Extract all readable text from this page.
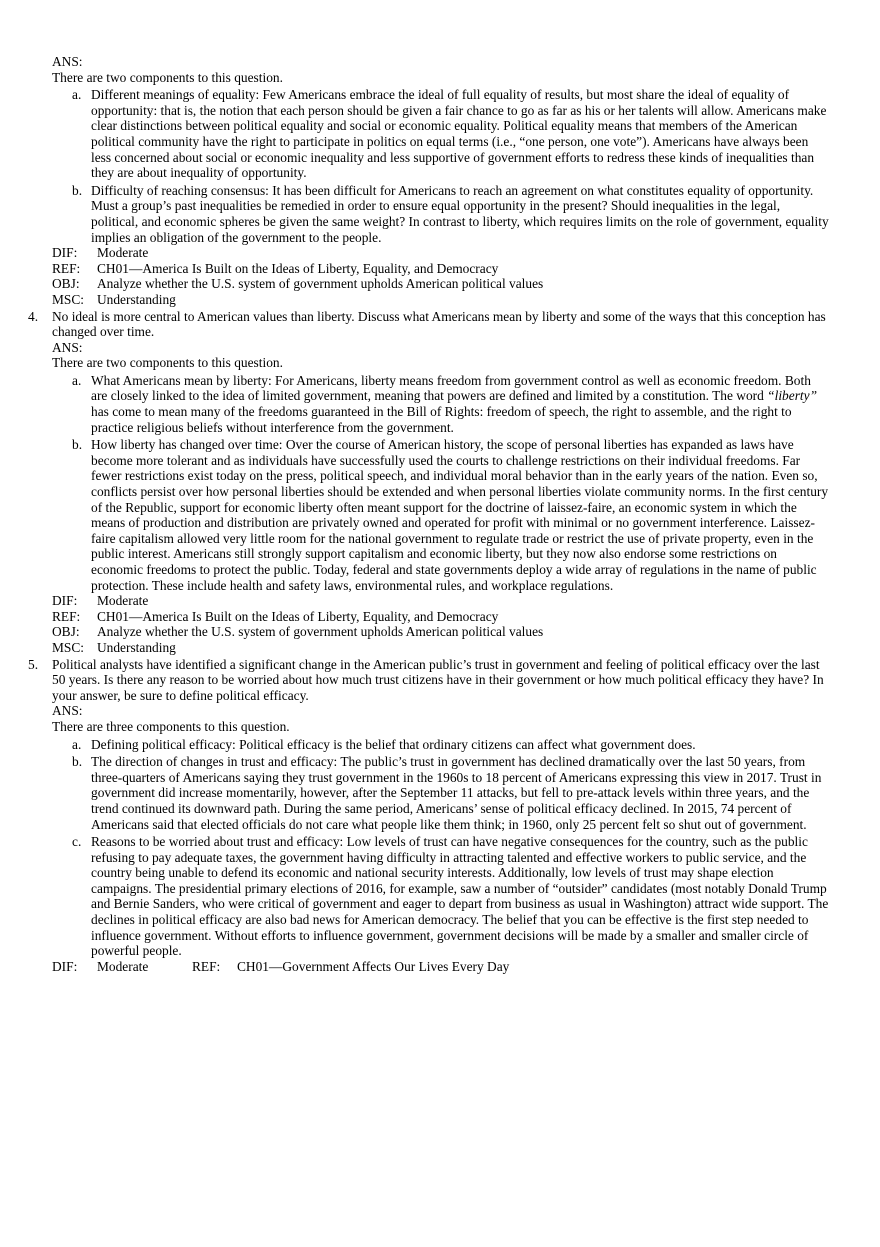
ANS:
There are two components to this question.
a. Different meanings of equality: Few Americans embrace the ideal of full equality of results, but most share the ideal of equality of opportunity: that is, the notion that each person should be given a fair chance to go as far as his or her talents will allow. Americans make clear distinctions between political equality and social or economic equality. Political equality means that members of the American political community have the right to participate in politics on equal terms (i.e., “one person, one vote”). Americans have always been less concerned about social or economic inequality and less supportive of government efforts to redress these kinds of inequalities than they are about inequality of opportunity.

b. Difficulty of reaching consensus: It has been difficult for Americans to reach an agreement on what constitutes equality of opportunity. Must a group’s past inequalities be remedied in order to ensure equal opportunity in the present? Should inequalities in the legal, political, and economic spheres be given the same weight? In contrast to liberty, which requires limits on the role of government, equality implies an obligation of the government to the people.

DIF:	Moderate
REF:	CH01—America Is Built on the Ideas of Liberty, Equality, and Democracy
OBJ:	Analyze whether the U.S. system of government upholds American political values
MSC: Understanding
4. No ideal is more central to American values than liberty. Discuss what Americans mean by liberty and some of the ways that this conception has changed over time.
ANS:
There are two components to this question.
a. What Americans mean by liberty: For Americans, liberty means freedom from government control as well as economic freedom. Both are closely linked to the idea of limited government, meaning that powers are defined and limited by a constitution. The word “liberty” has come to mean many of the freedoms guaranteed in the Bill of Rights: freedom of speech, the right to assemble, and the right to practice religious beliefs without interference from the government.

b. How liberty has changed over time: Over the course of American history, the scope of personal liberties has expanded as laws have become more tolerant and as individuals have successfully used the courts to challenge restrictions on their individual freedoms. Far fewer restrictions exist today on the press, political speech, and individual moral behavior than in the early years of the nation. Even so, conflicts persist over how personal liberties should be extended and when personal liberties violate community norms. In the first century of the Republic, support for economic liberty often meant support for the doctrine of laissez-faire, an economic system in which the means of production and distribution are privately owned and operated for profit with minimal or no government interference. Laissez-faire capitalism allowed very little room for the national government to regulate trade or restrict the use of private property, even in the public interest. Americans still strongly support capitalism and economic liberty, but they now also endorse some restrictions on economic freedoms to protect the public. Today, federal and state governments deploy a wide array of regulations in the name of public protection. These include health and safety laws, environmental rules, and workplace regulations.

DIF:	Moderate
REF:	CH01—America Is Built on the Ideas of Liberty, Equality, and Democracy
OBJ:	Analyze whether the U.S. system of government upholds American political values
MSC: Understanding
5. Political analysts have identified a significant change in the American public’s trust in government and feeling of political efficacy over the last 50 years. Is there any reason to be worried about how much trust citizens have in their government or how much political efficacy they have? In your answer, be sure to define political efficacy.
ANS:
There are three components to this question.
a. Defining political efficacy: Political efficacy is the belief that ordinary citizens can affect what government does.

b. The direction of changes in trust and efficacy: The public’s trust in government has declined dramatically over the last 50 years, from three-quarters of Americans saying they trust government in the 1960s to 18 percent of Americans expressing this view in 2017. Trust in government did increase momentarily, however, after the September 11 attacks, but fell to pre-attack levels within three years, and the trend continued its downward path. During the same period, Americans’ sense of political efficacy declined. In 2015, 74 percent of Americans said that elected officials do not care what people like them think; in 1960, only 25 percent felt so shut out of government.

c. Reasons to be worried about trust and efficacy: Low levels of trust can have negative consequences for the country, such as the public refusing to pay adequate taxes, the government having difficulty in attracting talented and effective workers to public service, and the country being unable to defend its economic and national security interests. Additionally, low levels of trust may shape election campaigns. The presidential primary elections of 2016, for example, saw a number of “outsider” candidates (most notably Donald Trump and Bernie Sanders, who were critical of government and eager to depart from business as usual in Washington) attract wide support. The declines in political efficacy are also bad news for American democracy. The belief that you can be effective is the first step needed to influence government. Without efforts to influence government, government decisions will be made by a smaller and smaller circle of powerful people.

DIF:	Moderate	REF:	CH01—Government Affects Our Lives Every Day
